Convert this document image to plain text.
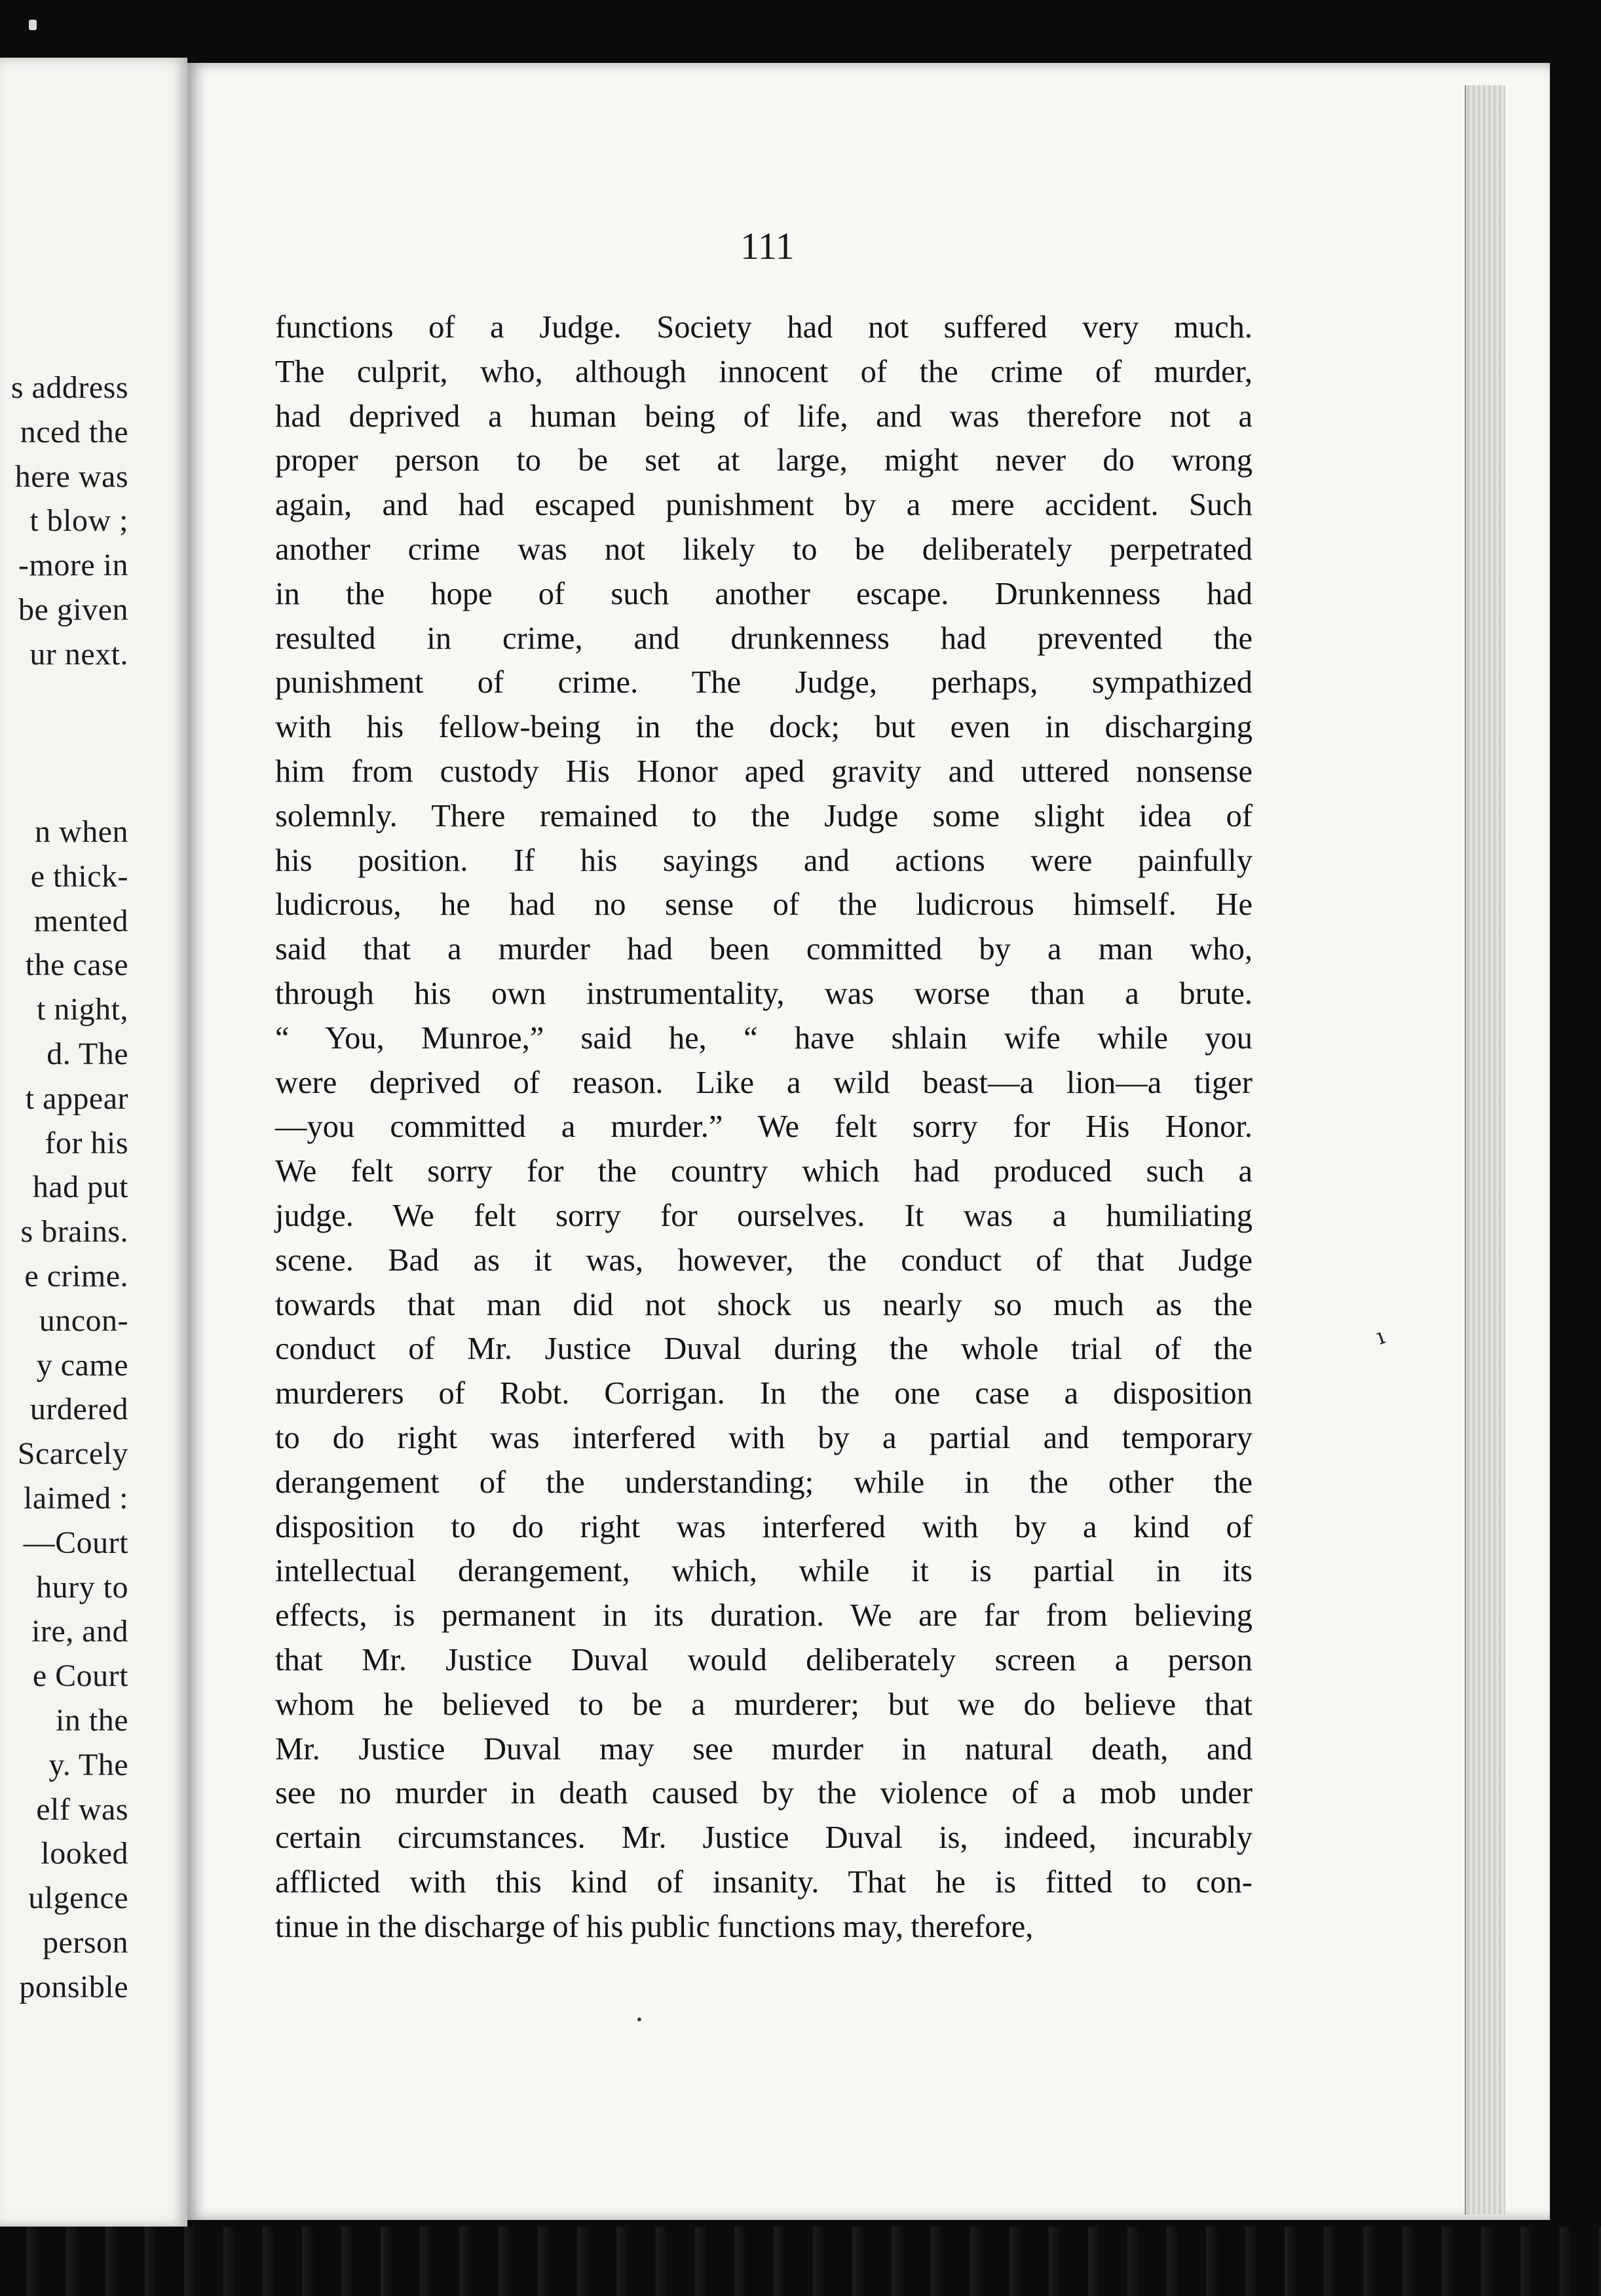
s address
nced the
here was
t blow ;
-more in
be given
ur next.
n when
e thick-
mented
the case
t night,
d. The
t appear
for his
had put
s brains.
e crime.
uncon-
y came
urdered
Scarcely
laimed :
—Court
hury to
ire, and
e Court
in the
y. The
elf was
looked
ulgence
person
ponsible
111
functions of a Judge. Society had not suffered very much.
The culprit, who, although innocent of the crime of murder,
had deprived a human being of life, and was therefore not a
proper person to be set at large, might never do wrong
again, and had escaped punishment by a mere accident. Such
another crime was not likely to be deliberately perpetrated
in the hope of such another escape. Drunkenness had
resulted in crime, and drunkenness had prevented the
punishment of crime. The Judge, perhaps, sympathized
with his fellow-being in the dock; but even in discharging
him from custody His Honor aped gravity and uttered nonsense
solemnly. There remained to the Judge some slight idea of
his position. If his sayings and actions were painfully
ludicrous, he had no sense of the ludicrous himself. He
said that a murder had been committed by a man who,
through his own instrumentality, was worse than a brute.
“ You, Munroe,” said he, “ have shlain wife while you
were deprived of reason. Like a wild beast—a lion—a tiger
—you committed a murder.” We felt sorry for His Honor.
We felt sorry for the country which had produced such a
judge. We felt sorry for ourselves. It was a humiliating
scene. Bad as it was, however, the conduct of that Judge
towards that man did not shock us nearly so much as the
conduct of Mr. Justice Duval during the whole trial of the
murderers of Robt. Corrigan. In the one case a disposition
to do right was interfered with by a partial and temporary
derangement of the understanding; while in the other the
disposition to do right was interfered with by a kind of
intellectual derangement, which, while it is partial in its
effects, is permanent in its duration. We are far from believing
that Mr. Justice Duval would deliberately screen a person
whom he believed to be a murderer; but we do believe that
Mr. Justice Duval may see murder in natural death, and
see no murder in death caused by the violence of a mob under
certain circumstances. Mr. Justice Duval is, indeed, incurably
afflicted with this kind of insanity. That he is fitted to con-
tinue in the discharge of his public functions may, therefore,
ı
•
